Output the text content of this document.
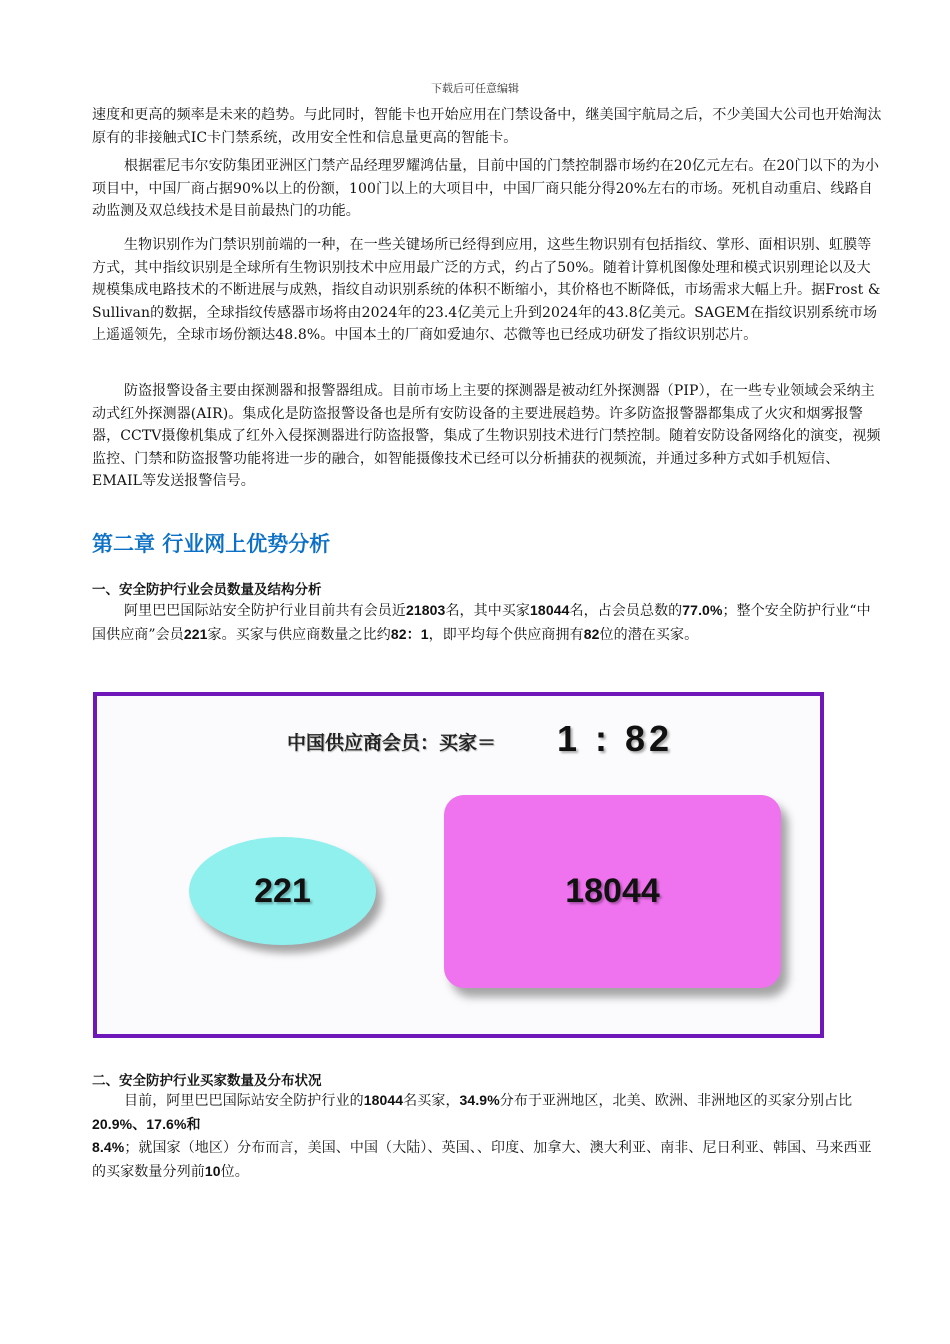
下载后可任意编辑

速度和更高的频率是未来的趋势。与此同时，智能卡也开始应用在门禁设备中，继美国宇航局之后，不少美国大公司也开始淘汰原有的非接触式IC卡门禁系统，改用安全性和信息量更高的智能卡。

根据霍尼韦尔安防集团亚洲区门禁产品经理罗耀鸿估量，目前中国的门禁控制器市场约在20亿元左右。在20门以下的为小项目中，中国厂商占据90%以上的份额，100门以上的大项目中，中国厂商只能分得20%左右的市场。死机自动重启、线路自动监测及双总线技术是目前最热门的功能。

生物识别作为门禁识别前端的一种，在一些关键场所已经得到应用，这些生物识别有包括指纹、掌形、面相识别、虹膜等方式，其中指纹识别是全球所有生物识别技术中应用最广泛的方式，约占了50%。随着计算机图像处理和模式识别理论以及大规模集成电路技术的不断进展与成熟，指纹自动识别系统的体积不断缩小，其价格也不断降低，市场需求大幅上升。据Frost & Sullivan的数据，全球指纹传感器市场将由2024年的23.4亿美元上升到2024年的43.8亿美元。SAGEM在指纹识别系统市场上遥遥领先，全球市场份额达48.8%。中国本土的厂商如爱迪尔、芯微等也已经成功研发了指纹识别芯片。

防盗报警设备主要由探测器和报警器组成。目前市场上主要的探测器是被动红外探测器（PIP），在一些专业领域会采纳主动式红外探测器(AIR)。集成化是防盗报警设备也是所有安防设备的主要进展趋势。许多防盗报警器都集成了火灾和烟雾报警器，CCTV摄像机集成了红外入侵探测器进行防盗报警，集成了生物识别技术进行门禁控制。随着安防设备网络化的演变，视频监控、门禁和防盗报警功能将进一步的融合，如智能摄像技术已经可以分析捕获的视频流，并通过多种方式如手机短信、EMAIL等发送报警信号。

第二章 行业网上优势分析
一、安全防护行业会员数量及结构分析

阿里巴巴国际站安全防护行业目前共有会员近21803名，其中买家18044名，占会员总数的77.0%；整个安全防护行业“中国供应商”会员221家。买家与供应商数量之比约82：1，即平均每个供应商拥有82位的潜在买家。

中国供应商会员：买家＝ 1 : 82
221	18044
二、安全防护行业买家数量及分布状况

目前，阿里巴巴国际站安全防护行业的18044名买家，34.9%分布于亚洲地区，北美、欧洲、非洲地区的买家分别占比20.9%、17.6%和
8.4%；就国家（地区）分布而言，美国、中国（大陆）、英国、、印度、加拿大、澳大利亚、南非、尼日利亚、韩国、马来西亚的买家数量分列前10位。
